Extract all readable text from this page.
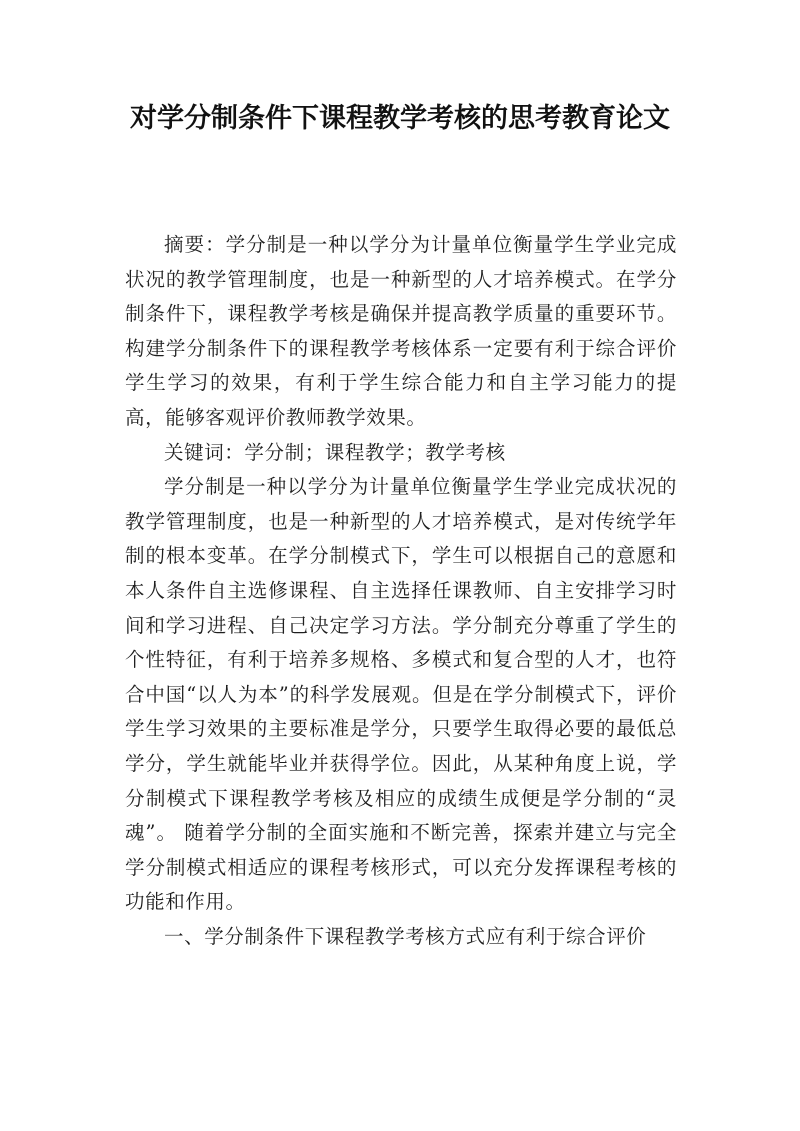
对学分制条件下课程教学考核的思考教育论文

摘要：学分制是一种以学分为计量单位衡量学生学业完成状况的教学管理制度，也是一种新型的人才培养模式。在学分制条件下，课程教学考核是确保并提高教学质量的重要环节。构建学分制条件下的课程教学考核体系一定要有利于综合评价学生学习的效果，有利于学生综合能力和自主学习能力的提高，能够客观评价教师教学效果。

关键词：学分制；课程教学；教学考核

学分制是一种以学分为计量单位衡量学生学业完成状况的教学管理制度，也是一种新型的人才培养模式，是对传统学年制的根本变革。在学分制模式下，学生可以根据自己的意愿和本人条件自主选修课程、自主选择任课教师、自主安排学习时间和学习进程、自己决定学习方法。学分制充分尊重了学生的个性特征，有利于培养多规格、多模式和复合型的人才，也符合中国“以人为本”的科学发展观。但是在学分制模式下，评价学生学习效果的主要标准是学分，只要学生取得必要的最低总学分，学生就能毕业并获得学位。因此，从某种角度上说，学分制模式下课程教学考核及相应的成绩生成便是学分制的“灵魂”。 随着学分制的全面实施和不断完善，探索并建立与完全学分制模式相适应的课程考核形式，可以充分发挥课程考核的功能和作用。

一、学分制条件下课程教学考核方式应有利于综合评价
